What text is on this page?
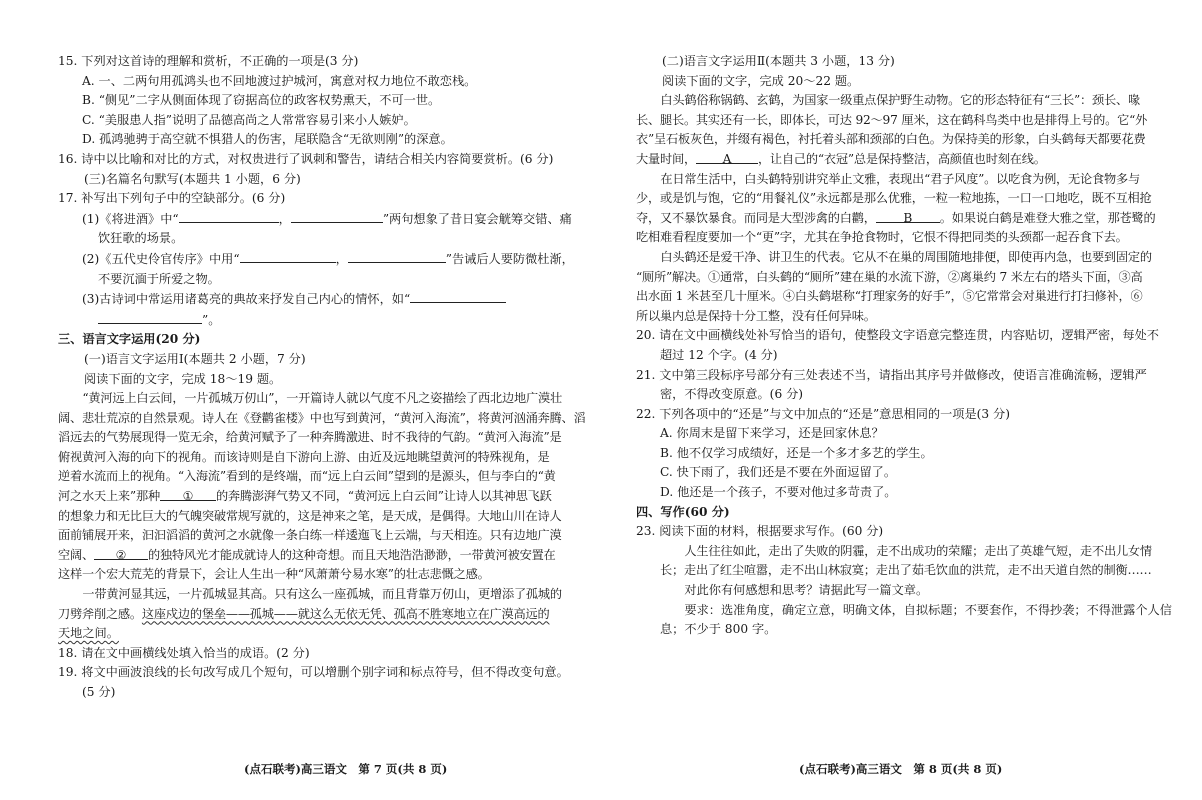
15. 下列对这首诗的理解和赏析，不正确的一项是(3 分)
A. 一、二两句用孤鸿头也不回地渡过护城河，寓意对权力地位不敢恋栈。
B. “侧见”二字从侧面体现了窃据高位的政客权势熏天，不可一世。
C. “美服患人指”说明了品德高尚之人常常容易引来小人嫉妒。
D. 孤鸿驰骋于高空就不惧猎人的伤害，尾联隐含“无欲则刚”的深意。
16. 诗中以比喻和对比的方式，对权贵进行了讽刺和警告，请结合相关内容简要赏析。(6 分)
(三)名篇名句默写(本题共 1 小题，6 分)
17. 补写出下列句子中的空缺部分。(6 分)
(1)《将进酒》中“	，	”两句想象了昔日宴会觥筹交错、痛
饮狂歌的场景。
(2)《五代史伶官传序》中用“	，	”告诫后人要防微杜渐，
不要沉湎于所爱之物。
(3)古诗词中常运用诸葛亮的典故来抒发自己内心的情怀，如“
”。
三、语言文字运用(20 分)
(一)语言文字运用Ⅰ(本题共 2 小题，7 分)
阅读下面的文字，完成 18～19 题。
“黄河远上白云间，一片孤城万仞山”，一开篇诗人就以气度不凡之姿描绘了西北边地广漠壮
阔、悲壮荒凉的自然景观。诗人在《登鹳雀楼》中也写到黄河，“黄河入海流”，将黄河汹涌奔腾、滔
滔远去的气势展现得一览无余，给黄河赋予了一种奔腾激进、时不我待的气韵。“黄河入海流”是
俯视黄河入海的向下的视角。而该诗则是自下游向上游、由近及远地眺望黄河的特殊视角，是
逆着水流而上的视角。“入海流”看到的是终端，而“远上白云间”望到的是源头，但与李白的“黄
河之水天上来”那种 ① 的奔腾澎湃气势又不同，“黄河远上白云间”让诗人以其神思飞跃
的想象力和无比巨大的气魄突破常规写就的，这是神来之笔，是天成，是偶得。大地山川在诗人
面前铺展开来，汩汩滔滔的黄河之水就像一条白练一样逶迤飞上云端，与天相连。只有边地广漠
空阔、 ② 的独特风光才能成就诗人的这种奇想。而且天地浩浩渺渺，一带黄河被安置在
这样一个宏大荒芜的背景下，会让人生出一种“风萧萧兮易水寒”的壮志悲慨之感。
一带黄河显其远，一片孤城显其高。只有这么一座孤城，而且背靠万仞山，更增添了孤城的
刀劈斧削之感。这座戍边的堡垒——孤城——就这么无依无凭、孤高不胜寒地立在广漠高远的
天地之间。
18. 请在文中画横线处填入恰当的成语。(2 分)
19. 将文中画波浪线的长句改写成几个短句，可以增删个别字词和标点符号，但不得改变句意。
(5 分)
(二)语言文字运用Ⅱ(本题共 3 小题，13 分)
阅读下面的文字，完成 20～22 题。
白头鹤俗称锅鹤、玄鹤，为国家一级重点保护野生动物。它的形态特征有“三长”：颈长、喙
长、腿长。其实还有一长，即体长，可达 92～97 厘米，这在鹤科鸟类中也是排得上号的。它“外
衣”呈石板灰色，并缀有褐色，衬托着头部和颈部的白色。为保持美的形象，白头鹤每天都要花费
大量时间， A ，让自己的“衣冠”总是保持整洁，高颜值也时刻在线。
在日常生活中，白头鹤特别讲究举止文雅，表现出“君子风度”。以吃食为例，无论食物多与
少，或是饥与饱，它的“用餐礼仪”永远都是那么优雅，一粒一粒地拣，一口一口地吃，既不互相抢
夺，又不暴饮暴食。而同是大型涉禽的白鹳， B 。如果说白鹤是难登大雅之堂，那苍鹭的
吃相难看程度要加一个“更”字，尤其在争抢食物时，它恨不得把同类的头颈都一起吞食下去。
白头鹤还是爱干净、讲卫生的代表。它从不在巢的周围随地排便，即使再内急，也要到固定的
“厕所”解决。①通常，白头鹤的“厕所”建在巢的水流下游，②离巢约 7 米左右的塔头下面，③高
出水面 1 米甚至几十厘米。④白头鹤堪称“打理家务的好手”，⑤它常常会对巢进行打扫修补，⑥
所以巢内总是保持十分工整，没有任何异味。
20. 请在文中画横线处补写恰当的语句，使整段文字语意完整连贯，内容贴切，逻辑严密，每处不
超过 12 个字。(4 分)
21. 文中第三段标序号部分有三处表述不当，请指出其序号并做修改，使语言准确流畅，逻辑严
密，不得改变原意。(6 分)
22. 下列各项中的“还是”与文中加点的“还是”意思相同的一项是(3 分)
A. 你周末是留下来学习，还是回家休息？
B. 他不仅学习成绩好，还是一个多才多艺的学生。
C. 快下雨了，我们还是不要在外面逗留了。
D. 他还是一个孩子，不要对他过多苛责了。
四、写作(60 分)
23. 阅读下面的材料，根据要求写作。(60 分)
人生往往如此，走出了失败的阴霾，走不出成功的荣耀；走出了英雄气短，走不出儿女情
长；走出了红尘喧嚣，走不出山林寂寞；走出了茹毛饮血的洪荒，走不出天道自然的制衡……
对此你有何感想和思考？请据此写一篇文章。
要求：选准角度，确定立意，明确文体，自拟标题；不要套作，不得抄袭；不得泄露个人信
息；不少于 800 字。
(点石联考)高三语文　第 7 页(共 8 页)	(点石联考)高三语文　第 8 页(共 8 页)
